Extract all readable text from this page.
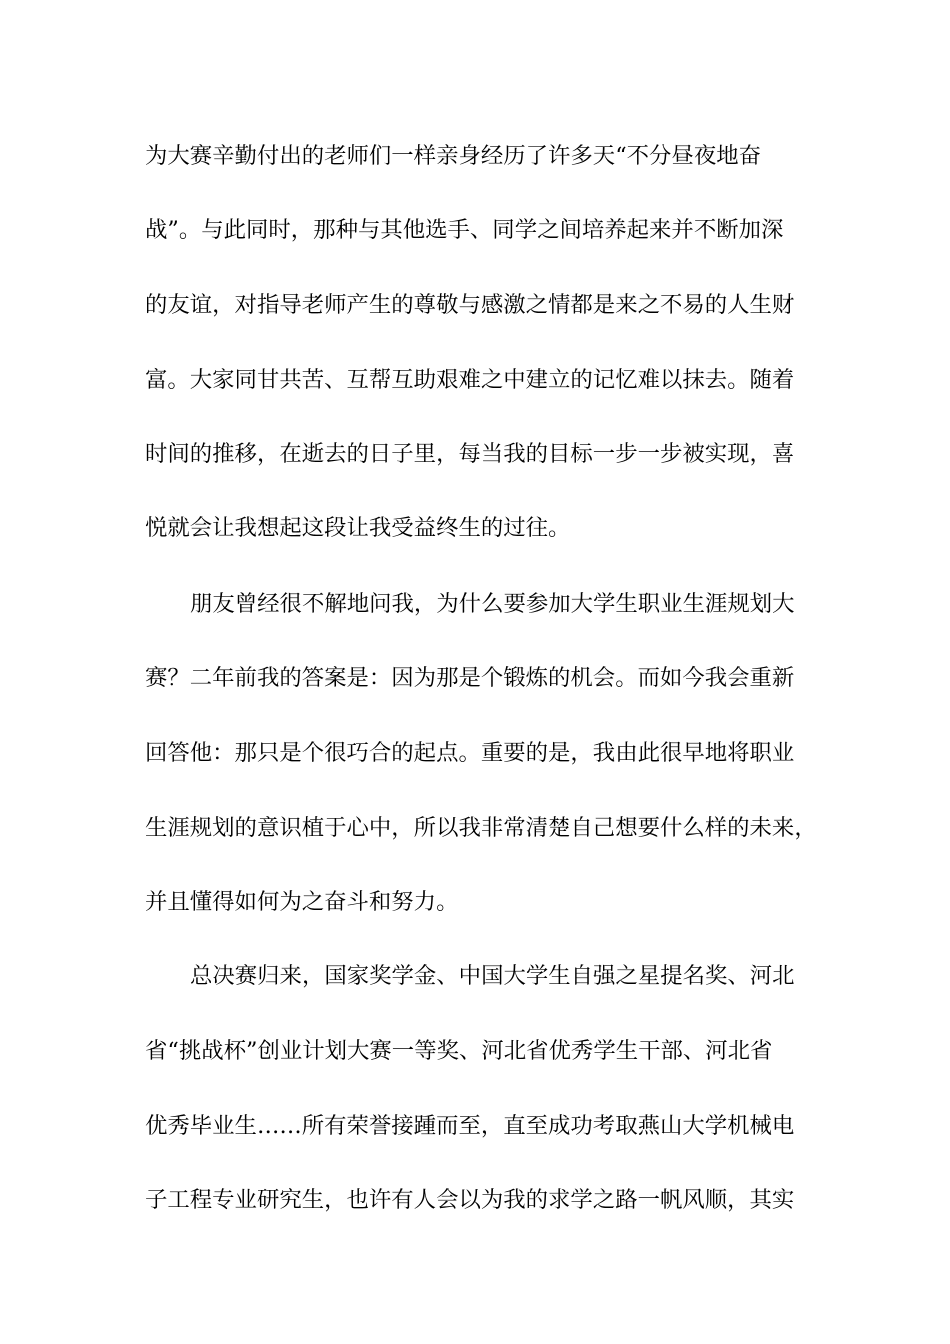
为大赛辛勤付出的老师们一样亲身经历了许多天“不分昼夜地奋
战”。与此同时，那种与其他选手、同学之间培养起来并不断加深
的友谊，对指导老师产生的尊敬与感激之情都是来之不易的人生财
富。大家同甘共苦、互帮互助艰难之中建立的记忆难以抹去。随着
时间的推移，在逝去的日子里，每当我的目标一步一步被实现，喜
悦就会让我想起这段让我受益终生的过往。
朋友曾经很不解地问我，为什么要参加大学生职业生涯规划大
赛？二年前我的答案是：因为那是个锻炼的机会。而如今我会重新
回答他：那只是个很巧合的起点。重要的是，我由此很早地将职业
生涯规划的意识植于心中，所以我非常清楚自己想要什么样的未来，
并且懂得如何为之奋斗和努力。
总决赛归来，国家奖学金、中国大学生自强之星提名奖、河北
省“挑战杯”创业计划大赛一等奖、河北省优秀学生干部、河北省
优秀毕业生……所有荣誉接踵而至，直至成功考取燕山大学机械电
子工程专业研究生，也许有人会以为我的求学之路一帆风顺，其实
